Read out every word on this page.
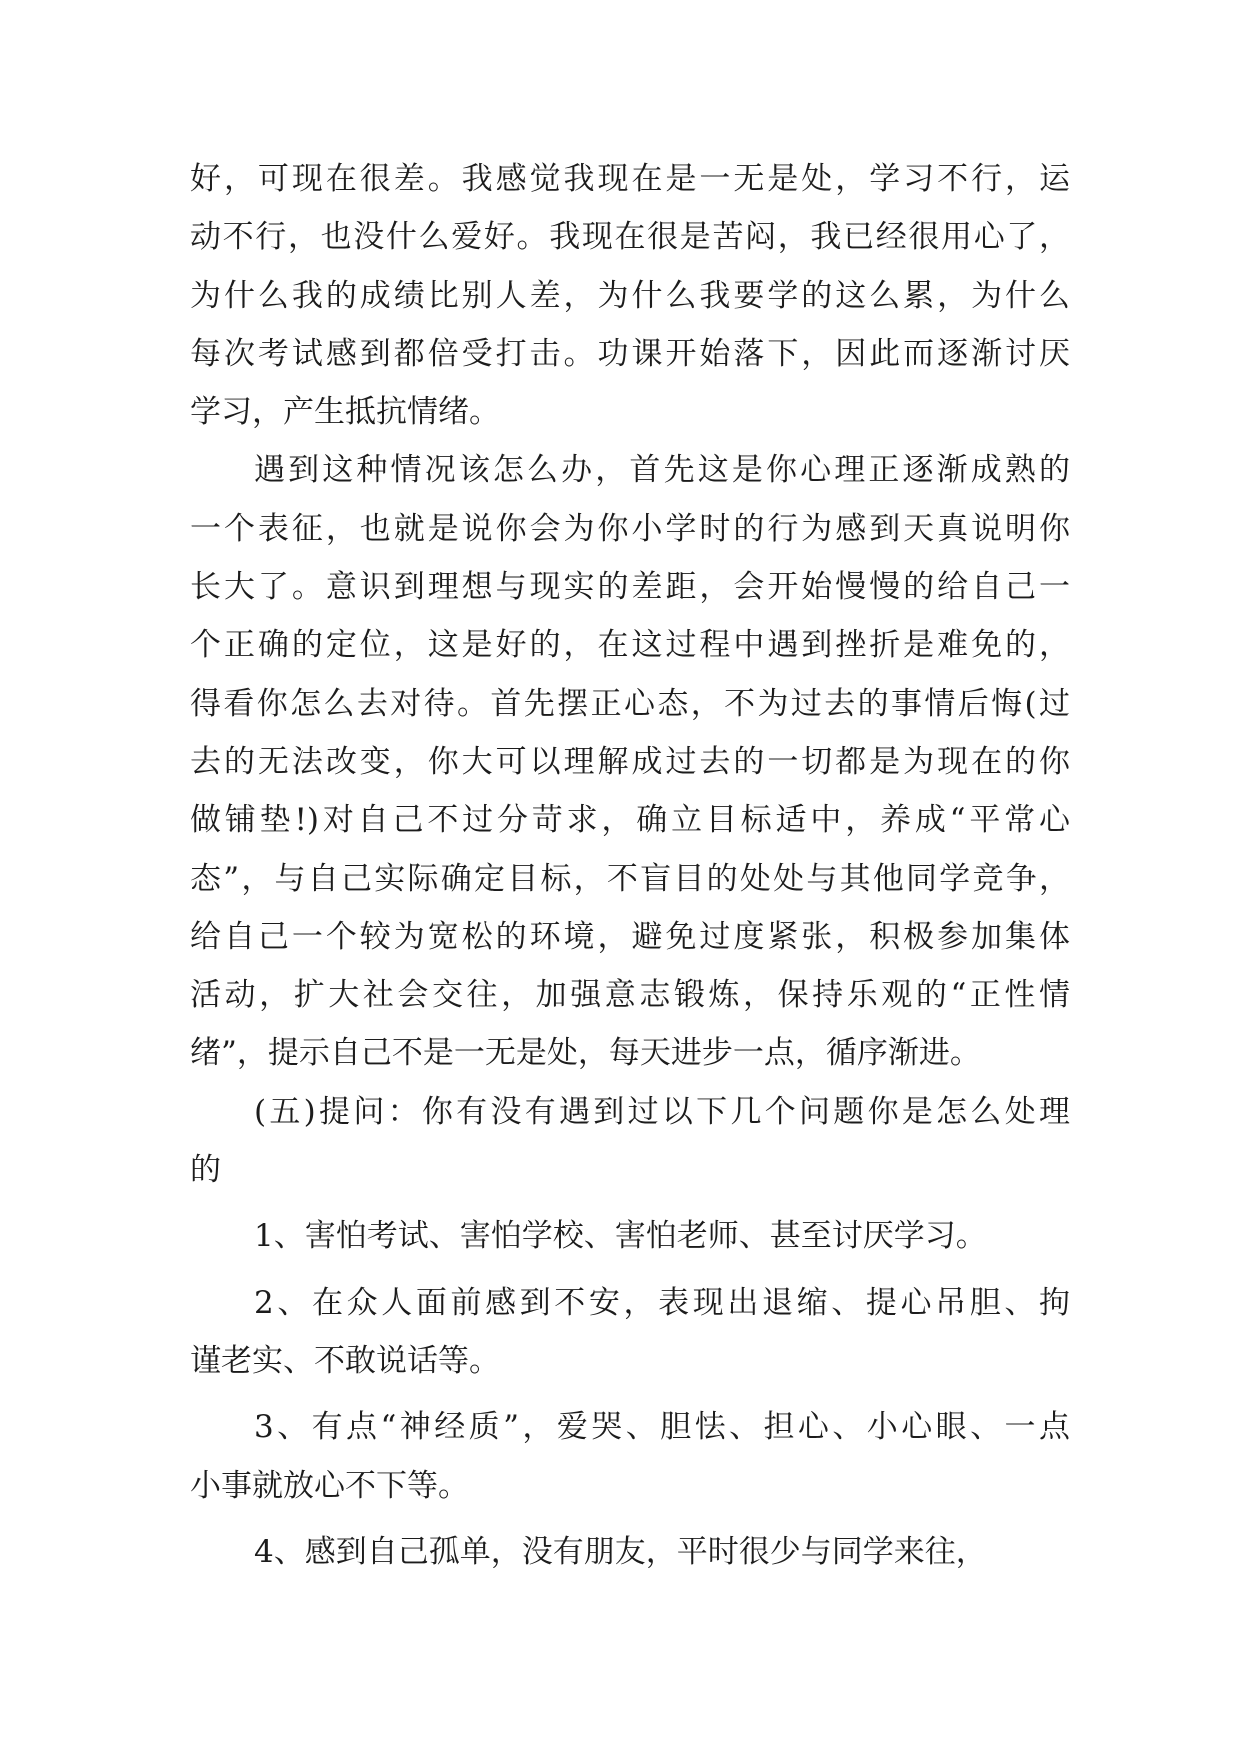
好，可现在很差。我感觉我现在是一无是处，学习不行，运
动不行，也没什么爱好。我现在很是苦闷，我已经很用心了，
为什么我的成绩比别人差，为什么我要学的这么累，为什么
每次考试感到都倍受打击。功课开始落下，因此而逐渐讨厌
学习，产生抵抗情绪。
遇到这种情况该怎么办，首先这是你心理正逐渐成熟的
一个表征，也就是说你会为你小学时的行为感到天真说明你
长大了。意识到理想与现实的差距，会开始慢慢的给自己一
个正确的定位，这是好的，在这过程中遇到挫折是难免的，
得看你怎么去对待。首先摆正心态，不为过去的事情后悔(过
去的无法改变，你大可以理解成过去的一切都是为现在的你
做铺垫!)对自己不过分苛求，确立目标适中，养成“平常心
态”，与自己实际确定目标，不盲目的处处与其他同学竞争，
给自己一个较为宽松的环境，避免过度紧张，积极参加集体
活动，扩大社会交往，加强意志锻炼，保持乐观的“正性情
绪”，提示自己不是一无是处，每天进步一点，循序渐进。
(五)提问：你有没有遇到过以下几个问题你是怎么处理
的
1、害怕考试、害怕学校、害怕老师、甚至讨厌学习。
2、在众人面前感到不安，表现出退缩、提心吊胆、拘
谨老实、不敢说话等。
3、有点“神经质”，爱哭、胆怯、担心、小心眼、一点
小事就放心不下等。
4、感到自己孤单，没有朋友，平时很少与同学来往，
